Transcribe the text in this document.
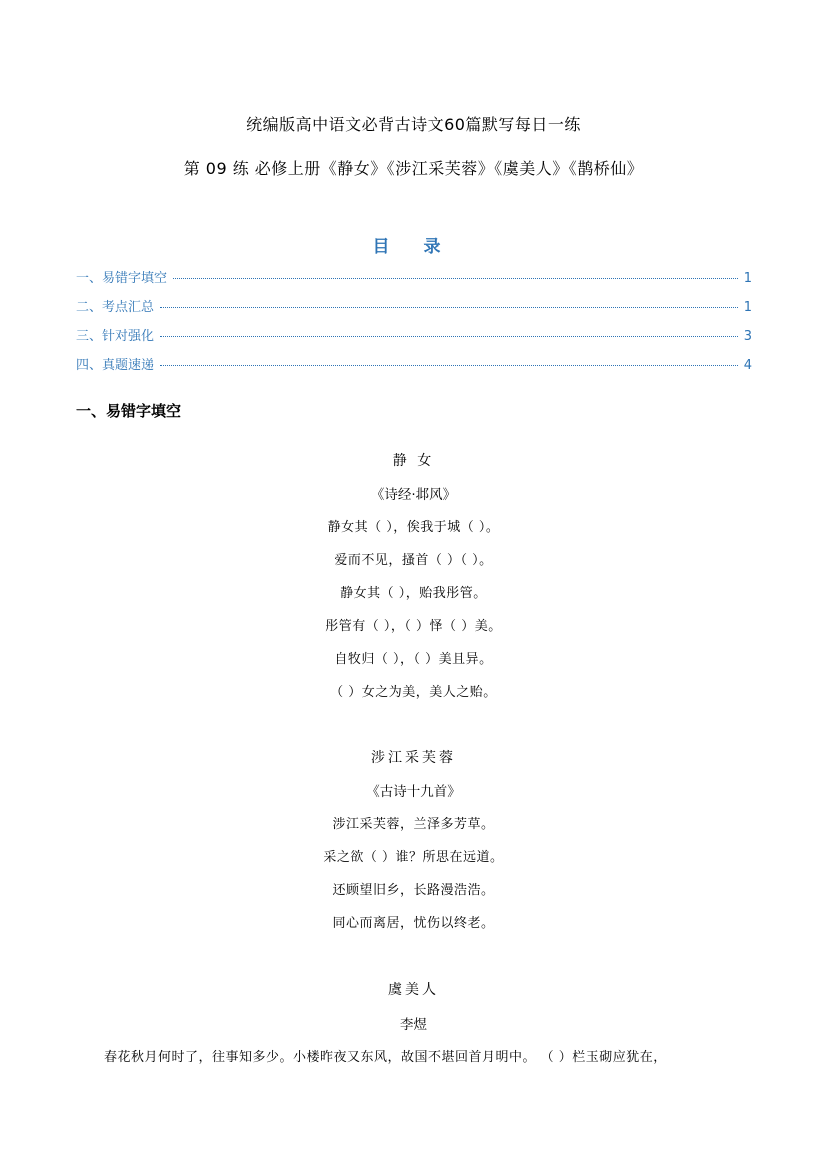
统编版高中语文必背古诗文60篇默写每日一练
第 09 练 必修上册《静女》《涉江采芙蓉》《虞美人》《鹊桥仙》
目 录
一、易错字填空	1
二、考点汇总	1
三、针对强化	3
四、真题速递	4
一、易错字填空
静 女
《诗经·邶风》
静女其（ ），俟我于城（ ）。
爱而不见，搔首（ ）（ ）。
静女其（ ），贻我彤管。
彤管有（ ），（ ）怿（ ）美。
自牧归（ ），（ ）美且异。
（ ）女之为美，美人之贻。
涉江采芙蓉
《古诗十九首》
涉江采芙蓉，兰泽多芳草。
采之欲（ ）谁？所思在远道。
还顾望旧乡，长路漫浩浩。
同心而离居，忧伤以终老。
虞美人
李煜
春花秋月何时了，往事知多少。小楼昨夜又东风，故国不堪回首月明中。 （ ）栏玉砌应犹在，
